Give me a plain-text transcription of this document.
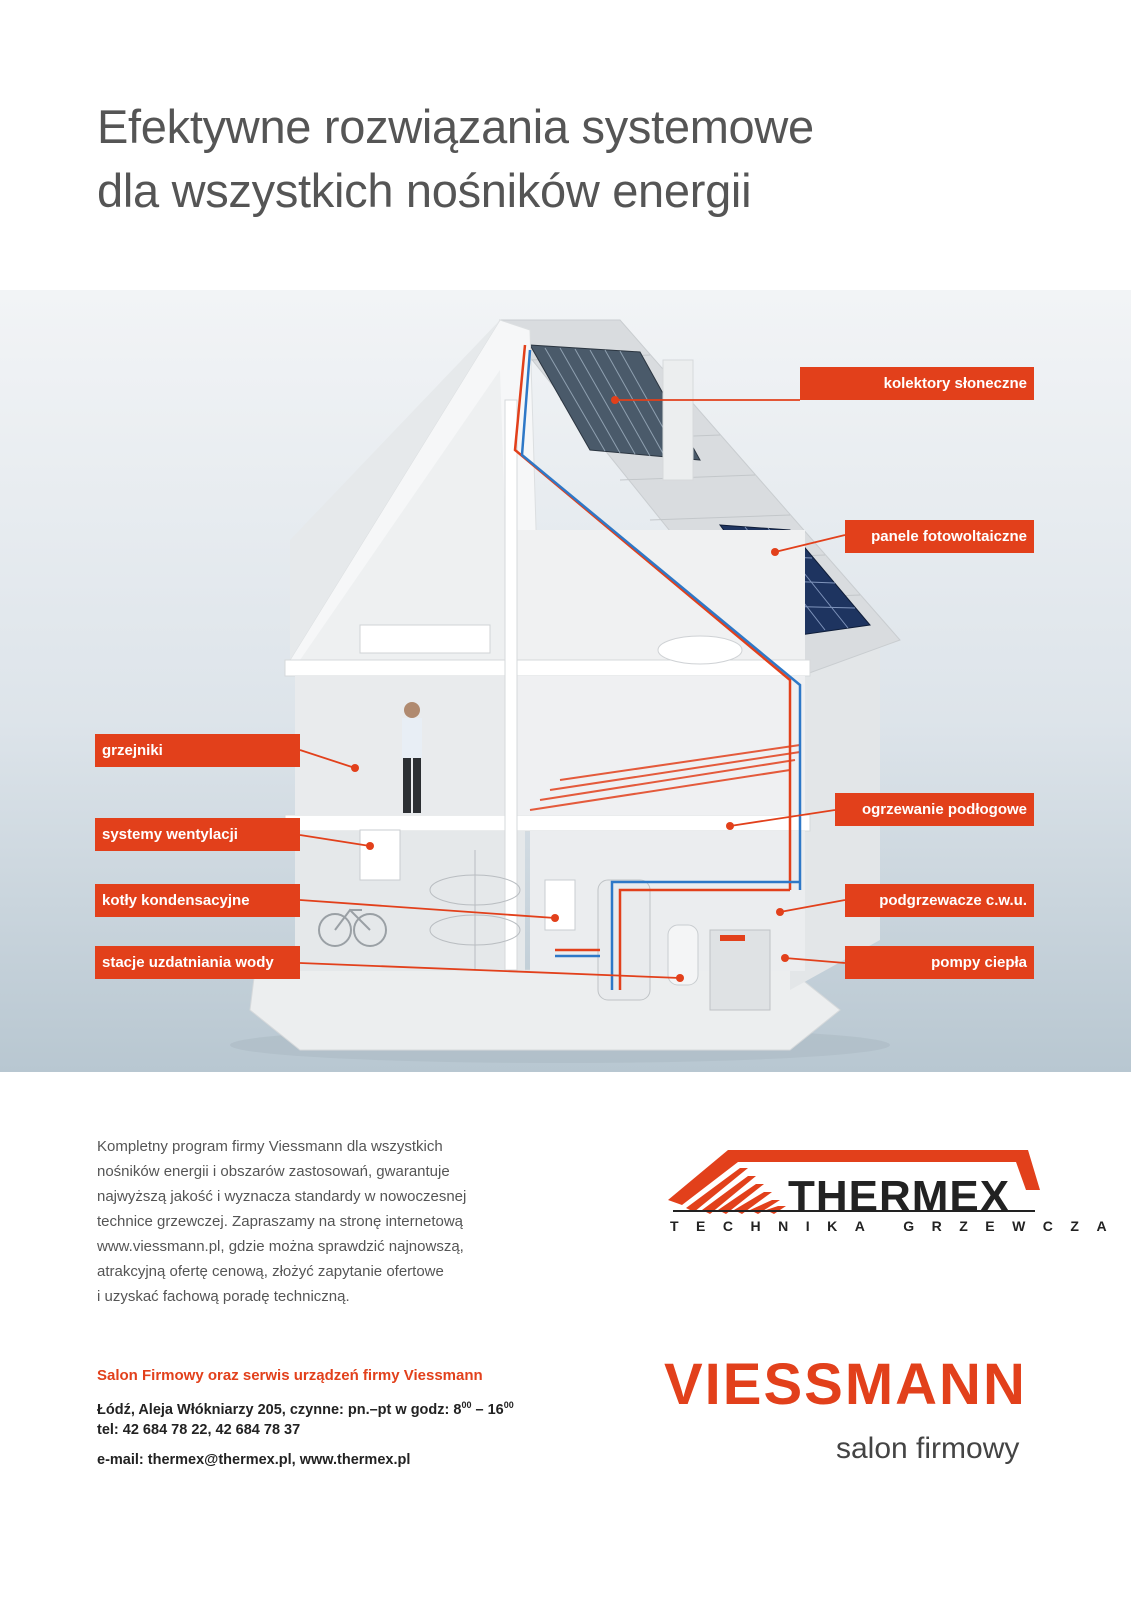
Efektywne rozwiązania systemowe
dla wszystkich nośników energii
kolektory słoneczne
panele fotowoltaiczne
grzejniki
ogrzewanie podłogowe
systemy wentylacji
kotły kondensacyjne	podgrzewacze c.w.u.
stacje uzdatniania wody	pompy ciepła
Kompletny program firmy Viessmann dla wszystkich
nośników energii i obszarów zastosowań, gwarantuje
najwyższą jakość i wyznacza standardy w nowoczesnej
technice grzewczej. Zapraszamy na stronę internetową
www.viessmann.pl, gdzie można sprawdzić najnowszą,
atrakcyjną ofertę cenową, złożyć zapytanie ofertowe
i uzyskać fachową poradę techniczną.
Salon Firmowy oraz serwis urządzeń firmy Viessmann
Łódź, Aleja Włókniarzy 205, czynne: pn.–pt w godz: $8^{00} - 16^{00}$
tel: 42 684 78 22, 42 684 78 37
e-mail: thermex@thermex.pl, www.thermex.pl
THERMEX
TECHNIKA GRZEWCZA
VIESSMANN
salon firmowy
